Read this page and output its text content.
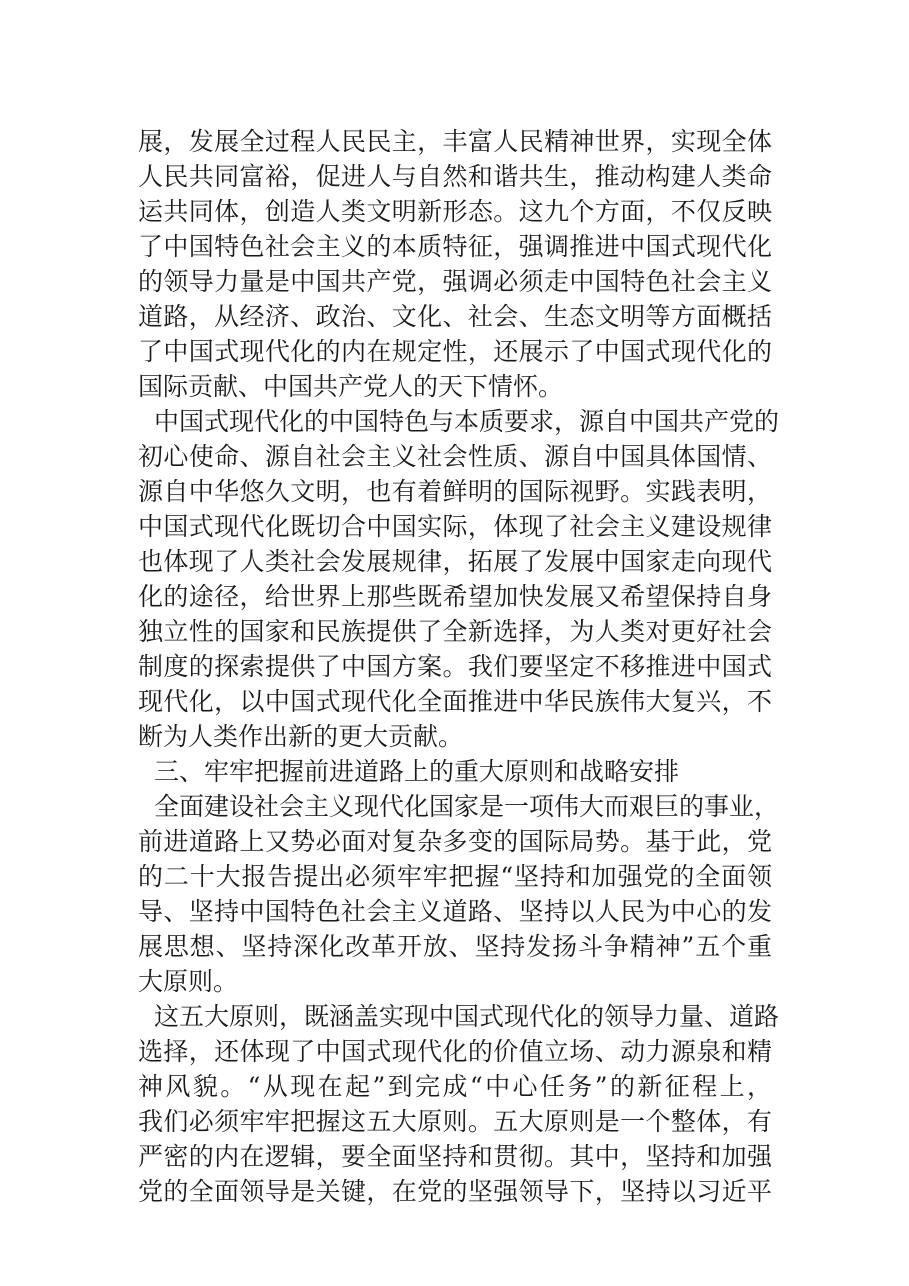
展，发展全过程人民民主，丰富人民精神世界，实现全体
人民共同富裕，促进人与自然和谐共生，推动构建人类命
运共同体，创造人类文明新形态。这九个方面，不仅反映
了中国特色社会主义的本质特征，强调推进中国式现代化
的领导力量是中国共产党，强调必须走中国特色社会主义
道路，从经济、政治、文化、社会、生态文明等方面概括
了中国式现代化的内在规定性，还展示了中国式现代化的
国际贡献、中国共产党人的天下情怀。
中国式现代化的中国特色与本质要求，源自中国共产党的
初心使命、源自社会主义社会性质、源自中国具体国情、
源自中华悠久文明，也有着鲜明的国际视野。实践表明，
中国式现代化既切合中国实际，体现了社会主义建设规律
也体现了人类社会发展规律，拓展了发展中国家走向现代
化的途径，给世界上那些既希望加快发展又希望保持自身
独立性的国家和民族提供了全新选择，为人类对更好社会
制度的探索提供了中国方案。我们要坚定不移推进中国式
现代化，以中国式现代化全面推进中华民族伟大复兴，不
断为人类作出新的更大贡献。
三、牢牢把握前进道路上的重大原则和战略安排
全面建设社会主义现代化国家是一项伟大而艰巨的事业，
前进道路上又势必面对复杂多变的国际局势。基于此，党
的二十大报告提出必须牢牢把握“坚持和加强党的全面领
导、坚持中国特色社会主义道路、坚持以人民为中心的发
展思想、坚持深化改革开放、坚持发扬斗争精神”五个重
大原则。
这五大原则，既涵盖实现中国式现代化的领导力量、道路
选择，还体现了中国式现代化的价值立场、动力源泉和精
神风貌。“从现在起”到完成“中心任务”的新征程上，
我们必须牢牢把握这五大原则。五大原则是一个整体，有
严密的内在逻辑，要全面坚持和贯彻。其中，坚持和加强
党的全面领导是关键，在党的坚强领导下，坚持以习近平
